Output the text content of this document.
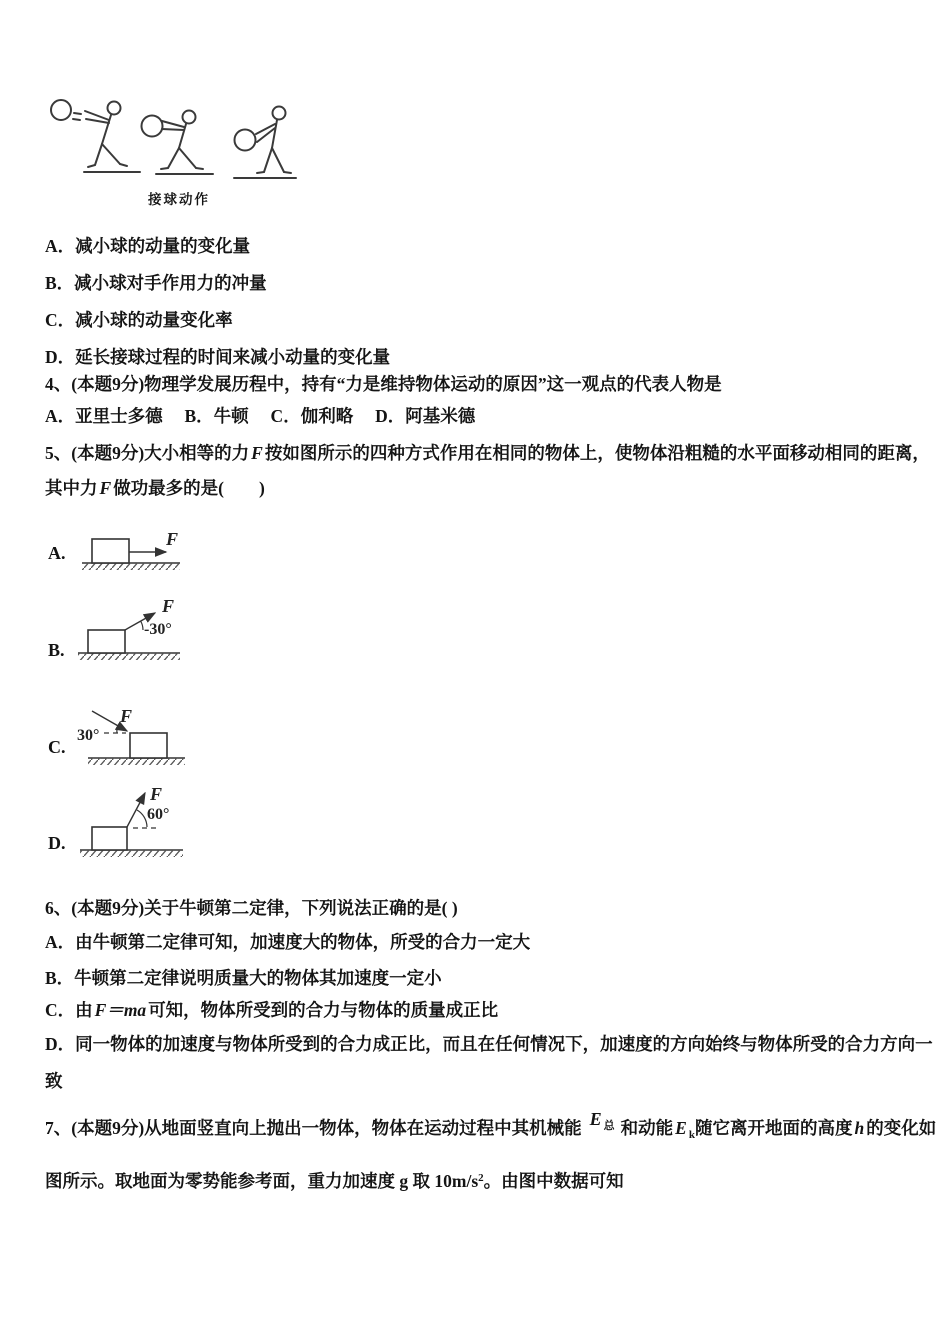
接球动作
A．减小球的动量的变化量
B．减小球对手作用力的冲量
C．减小球的动量变化率
D．延长接球过程的时间来减小动量的变化量
4、(本题9分)物理学发展历程中，持有“力是维持物体运动的原因”这一观点的代表人物是
A．亚里士多德　 B．牛顿 　C．伽利略 　D．阿基米德
5、(本题9分)大小相等的力 F 按如图所示的四种方式作用在相同的物体上，使物体沿粗糙的水平面移动相同的距离，
其中力 F 做功最多的是(　　)
A.
F
B.
-30°
F
C.
30°
F
D.
60°
F
6、(本题9分)关于牛顿第二定律，下列说法正确的是( )
A．由牛顿第二定律可知，加速度大的物体，所受的合力一定大
B．牛顿第二定律说明质量大的物体其加速度一定小
C．由 F＝ma 可知，物体所受到的合力与物体的质量成正比
D．同一物体的加速度与物体所受到的合力成正比，而且在任何情况下，加速度的方向始终与物体所受的合力方向一
致
7、(本题9分)从地面竖直向上抛出一物体，物体在运动过程中其机械能 E $_总$ 和动能 E $_k$随它离开地面的高度 h 的变化如
图所示。取地面为零势能参考面，重力加速度 g 取 $10m/s^2$。由图中数据可知
